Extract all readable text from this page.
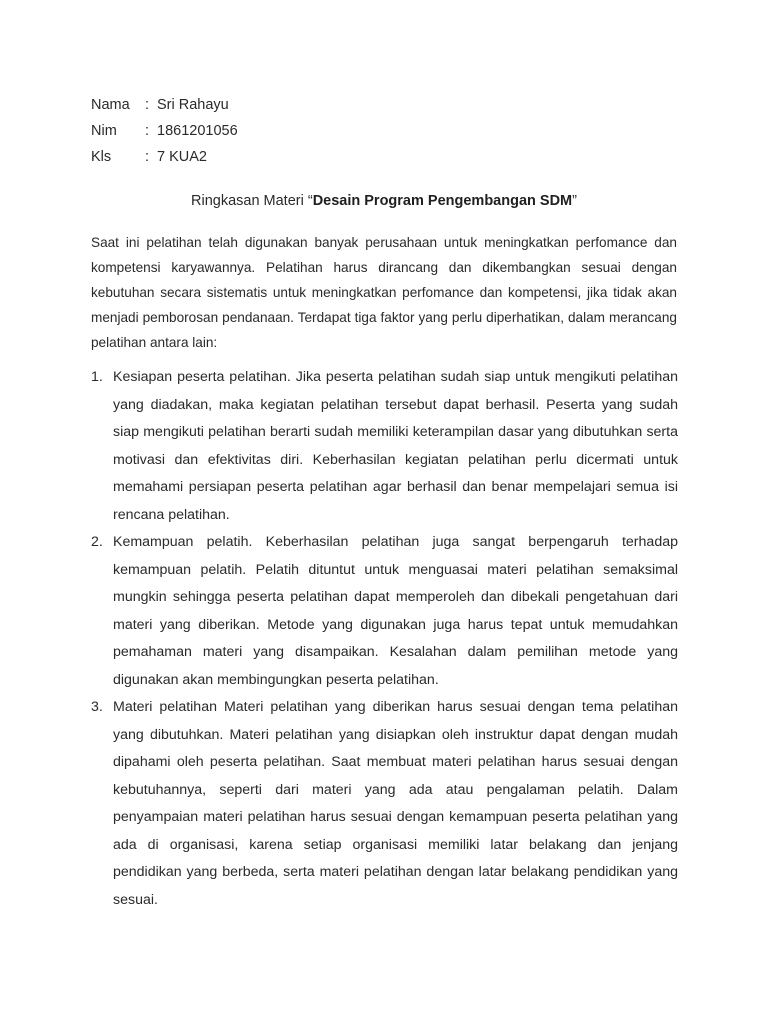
Nama	: Sri Rahayu
Nim	: 1861201056
Kls	: 7 KUA2
Ringkasan Materi “Desain Program Pengembangan SDM”

Saat ini pelatihan telah digunakan banyak perusahaan untuk meningkatkan perfomance dan kompetensi karyawannya. Pelatihan harus dirancang dan dikembangkan sesuai dengan kebutuhan secara sistematis untuk meningkatkan perfomance dan kompetensi, jika tidak akan menjadi pemborosan pendanaan. Terdapat tiga faktor yang perlu diperhatikan, dalam merancang pelatihan antara lain:

1. Kesiapan peserta pelatihan. Jika peserta pelatihan sudah siap untuk mengikuti pelatihan yang diadakan, maka kegiatan pelatihan tersebut dapat berhasil. Peserta yang sudah siap mengikuti pelatihan berarti sudah memiliki keterampilan dasar yang dibutuhkan serta motivasi dan efektivitas diri. Keberhasilan kegiatan pelatihan perlu dicermati untuk memahami persiapan peserta pelatihan agar berhasil dan benar mempelajari semua isi rencana pelatihan.
2. Kemampuan pelatih. Keberhasilan pelatihan juga sangat berpengaruh terhadap kemampuan pelatih. Pelatih dituntut untuk menguasai materi pelatihan semaksimal mungkin sehingga peserta pelatihan dapat memperoleh dan dibekali pengetahuan dari materi yang diberikan. Metode yang digunakan juga harus tepat untuk memudahkan pemahaman materi yang disampaikan. Kesalahan dalam pemilihan metode yang digunakan akan membingungkan peserta pelatihan.
3. Materi pelatihan Materi pelatihan yang diberikan harus sesuai dengan tema pelatihan yang dibutuhkan. Materi pelatihan yang disiapkan oleh instruktur dapat dengan mudah dipahami oleh peserta pelatihan. Saat membuat materi pelatihan harus sesuai dengan kebutuhannya, seperti dari materi yang ada atau pengalaman pelatih. Dalam penyampaian materi pelatihan harus sesuai dengan kemampuan peserta pelatihan yang ada di organisasi, karena setiap organisasi memiliki latar belakang dan jenjang pendidikan yang berbeda, serta materi pelatihan dengan latar belakang pendidikan yang sesuai.
